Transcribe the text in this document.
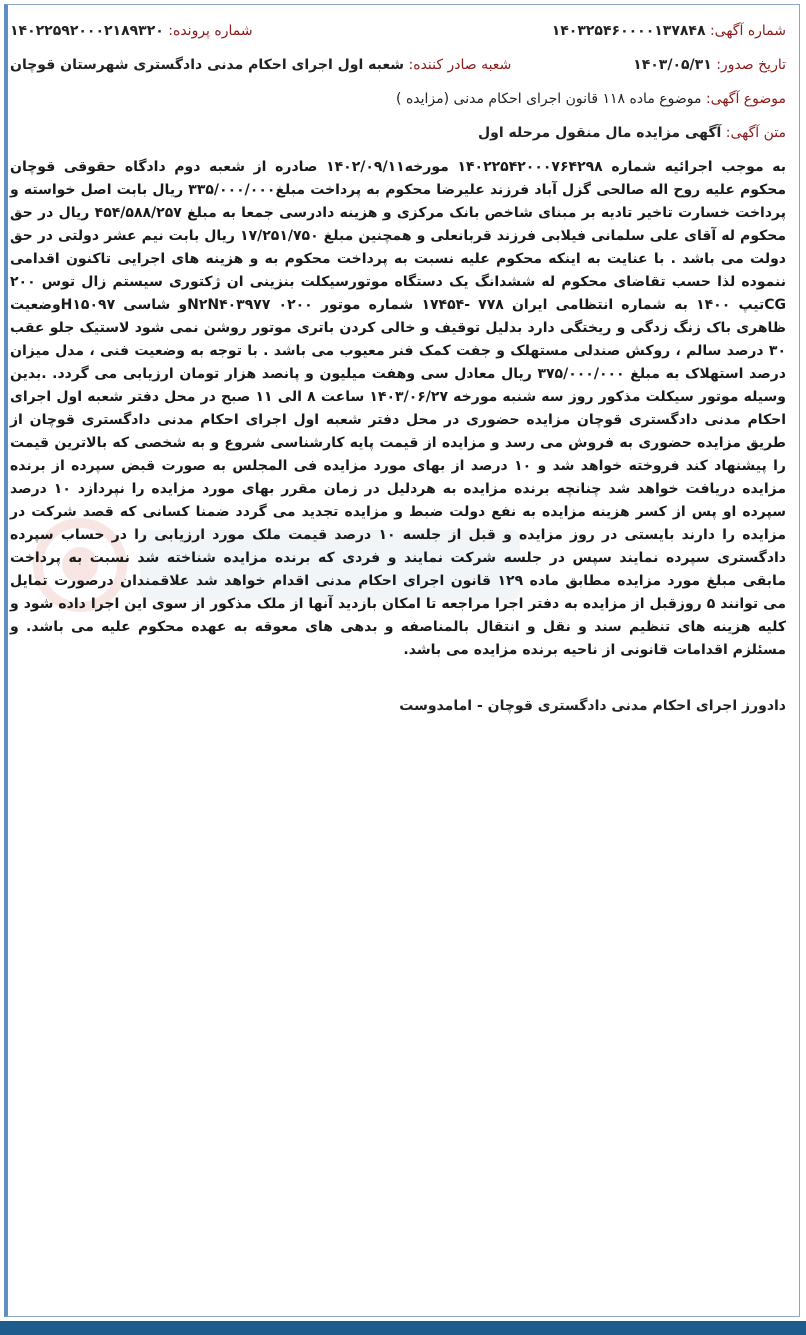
شماره آگهی: ۱۴۰۳۲۵۴۶۰۰۰۰۱۳۷۸۴۸
شماره پرونده: ۱۴۰۲۲۵۹۲۰۰۰۲۱۸۹۳۲۰
تاریخ صدور: ۱۴۰۳/۰۵/۳۱
شعبه صادر کننده: شعبه اول اجرای احکام مدنی دادگستری شهرستان قوچان
موضوع آگهی: موضوع ماده ۱۱۸ قانون اجرای احکام مدنی (مزایده )
متن آگهی: آگهی مزایده مال منقول مرحله اول
به موجب اجرائیه شماره ۱۴۰۲۲۵۴۲۰۰۰۷۶۴۲۹۸ مورخه۱۴۰۲/۰۹/۱۱ صادره از شعبه دوم دادگاه حقوقی قوچان محکوم علیه روح اله صالحی گزل آباد فرزند علیرضا محکوم به پرداخت مبلغ۳۳۵/۰۰۰/۰۰۰ ریال بابت اصل خواسته و پرداخت خسارت تاخیر تادیه بر مبنای شاخص بانک مرکزی و هزینه دادرسی جمعا به مبلغ ۴۵۴/۵۸۸/۲۵۷ ریال در حق محکوم له آقای علی سلمانی فیلابی فرزند قربانعلی و همچنین مبلغ ۱۷/۲۵۱/۷۵۰ ریال بابت نیم عشر دولتی در حق دولت می باشد . با عنایت به اینکه محکوم علیه نسبت به پرداخت محکوم به و هزینه های اجرایی تاکنون اقدامی ننموده لذا حسب تقاضای محکوم له ششدانگ یک دستگاه موتورسیکلت بنزینی ان ژکتوری سیستم زال توس ۲۰۰ CGتیپ ۱۴۰۰ به شماره انتظامی ایران ۷۷۸ -۱۷۴۵۴ شماره موتور ۰۲۰۰ N۲N۴۰۳۹۷۷و شاسی H۱۵۰۹۷وضعیت ظاهری باک زنگ زدگی و ریختگی دارد بدلیل توقیف و خالی کردن باتری موتور روشن نمی شود لاستیک جلو عقب ۳۰ درصد سالم ، روکش صندلی مستهلک و جفت کمک فنر معیوب می باشد . با توجه به وضعیت فنی ، مدل میزان درصد استهلاک به مبلغ ۳۷۵/۰۰۰/۰۰۰ ریال معادل سی وهفت میلیون و پانصد هزار تومان ارزیابی می گردد. .بدین وسیله موتور سیکلت مذکور روز سه شنبه مورخه ۱۴۰۳/۰۶/۲۷ ساعت ۸ الی ۱۱ صبح در محل دفتر شعبه اول اجرای احکام مدنی دادگستری قوچان مزایده حضوری در محل دفتر شعبه اول اجرای احکام مدنی دادگستری قوچان از طریق مزایده حضوری به فروش می رسد و مزایده از قیمت پایه کارشناسی شروع و به شخصی که بالاترین قیمت را پیشنهاد کند فروخته خواهد شد و ۱۰ درصد از بهای مورد مزایده فی المجلس به صورت قبض سپرده از برنده مزایده دریافت خواهد شد چنانچه برنده مزایده به هردلیل در زمان مقرر بهای مورد مزایده را نپردازد ۱۰ درصد سپرده او پس از کسر هزینه مزایده به نفع دولت ضبط و مزایده تجدید می گردد ضمنا کسانی که قصد شرکت در مزایده را دارند بایستی در روز مزایده و قبل از جلسه ۱۰ درصد قیمت ملک مورد ارزیابی را در حساب سپرده دادگستری سپرده نمایند سپس در جلسه شرکت نمایند و فردی که برنده مزایده شناخته شد نسبت به پرداخت مابقی مبلغ مورد مزایده مطابق ماده ۱۲۹ قانون اجرای احکام مدنی اقدام خواهد شد علاقمندان درصورت تمایل می توانند ۵ روزقبل از مزایده به دفتر اجرا مراجعه تا امکان بازدید آنها از ملک مذکور از سوی این اجرا داده شود و کلیه هزینه های تنظیم سند و نقل و انتقال بالمناصفه و بدهی های معوقه به عهده محکوم علیه می باشد. و مسئلزم اقدامات قانونی از ناحیه برنده مزایده می باشد.
دادورز اجرای احکام مدنی دادگستری قوچان - امامدوست
